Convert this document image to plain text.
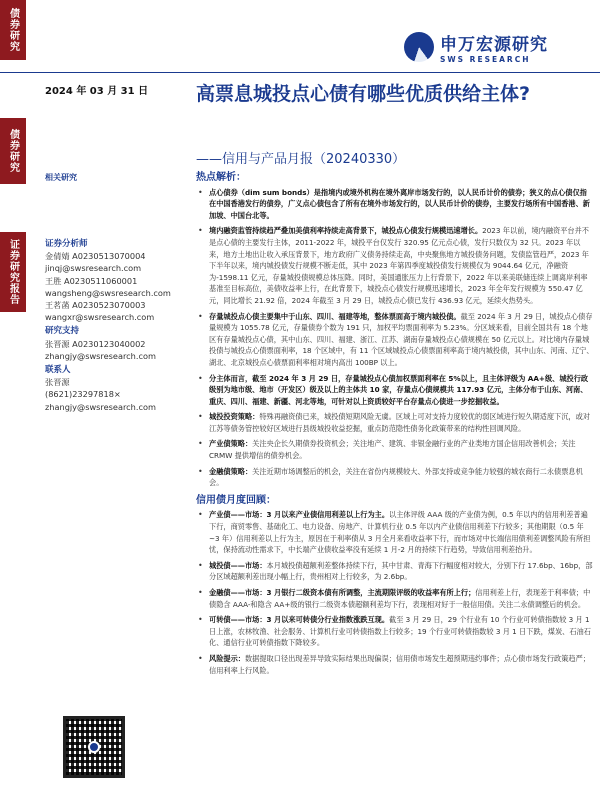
债券研究
债券研究
证券研究报告
申万宏源研究
SWS RESEARCH
2024 年 03 月 31 日	高票息城投点心债有哪些优质供给主体?
——信用与产品月报（20240330）
相关研究
证券分析师
金倩婧 A0230513070004
jinqj@swsresearch.com
王胜 A0230511060001
wangsheng@swsresearch.com
王茗菡 A0230523070003
wangxr@swsresearch.com
研究支持
张晋源 A0230123040002
zhangjy@swsresearch.com
联系人
张晋源
(8621)23297818×
zhangjy@swsresearch.com
热点解析：
• 点心债券（dim sum bonds）是指境内或境外机构在境外离岸市场发行的，以人民币计价的债券；狭义的点心债仅指在中国香港发行的债券，广义点心债包含了所有在境外市场发行的，以人民币计价的债券，主要发行场所有中国香港、新加坡、中国台北等。
• 境内融资监管持续趋严叠加美债利率持续走高背景下，城投点心债发行规模迅速增长。2023 年以前，境内融资平台并不是点心债的主要发行主体，2011-2022 年，城投平台仅发行 320.95 亿元点心债，发行只数仅为 32 只。2023 年以来，地方土地出让收入承压背景下，地方政府广义债务持续走高，中央聚焦地方城投债务问题，发债监管趋严，2023 年下半年以来，境内城投债发行规模不断走低，其中 2023 年第四季度城投债发行规模仅为 9044.64 亿元，净融资为-1598.11 亿元，存量城投债规模总体压降。同时，美国通胀压力上行背景下，2022 年以来美联储连续上调离岸利率基准至目标高位，美债收益率上行，在此背景下，城投点心债发行规模迅速增长，2023 年全年发行规模为 550.47 亿元，同比增长 21.92 倍，2024 年截至 3 月 29 日，城投点心债已发行 436.93 亿元，延续火热势头。
• 存量城投点心债主要集中于山东、四川、福建等地，整体票面高于境内城投债。截至 2024 年 3 月 29 日，城投点心债存量规模为 1055.78 亿元，存量债券个数为 191 只，加权平均票面利率为 5.23%。分区域来看，目前全国共有 18 个地区有存量城投点心债，其中山东、四川、福建、浙江、江苏、湖南存量城投点心债规模在 50 亿元以上。对比境内存量城投债与城投点心债票面利率，18 个区域中，有 11 个区域城投点心债票面利率高于境内城投债，其中山东、河南、辽宁、湖北、北京城投点心债票面利率相对境内高出 100BP 以上。
• 分主体而言，截至 2024 年 3 月 29 日，存量城投点心债加权票面利率在 5%以上，且主体评级为 AA+级、城投行政级别为地市级、地市（开发区）级及以上的主体共 10 家，存量点心债规模共 117.93 亿元，主体分布于山东、河南、重庆、四川、福建、新疆、河北等地，可针对以上资质较好平台存量点心债进一步挖掘收益。
• 城投投资策略：特殊再融资债已来，城投债短期风险无虞。区域上可对支持力度较优的弱区域进行短久期适度下沉，或对江苏等债务管控较好区域进行县级城投收益挖掘，重点防范隐性债务化政策带来的结构性回调风险。
• 产业债策略：关注央企长久期债券投资机会；关注地产、建筑、非银金融行业的产业类地方国企信用改善机会；关注 CRMW 提供增信的债券机会。
• 金融债策略：关注近期市场调整后的机会，关注在省份内规模较大、外部支持或竞争能力较强的城农商行二永债票息机会。
信用债月度回顾：
• 产业债——市场：3 月以来产业债信用利差以上行为主。以主体评级 AAA 级的产业债为例，0.5 年以内的信用利差普遍下行，商贸零售、基础化工、电力设备、房地产、计算机行业 0.5 年以内产业债信用利差下行较多；其他期限（0.5 年~3 年）信用利差以上行为主，原因在于利率债从 3 月全月来看收益率下行，而市场对中长端信用债利差调整风险有所担忧，保持流动性需求下，中长端产业债收益率没有延续 1 月-2 月的持续下行趋势，导致信用利差抬升。
• 城投债——市场：本月城投债超额利差整体持续下行，其中甘肃、青海下行幅度相对较大，分别下行 17.6bp、16bp，部分区域超额利差出现小幅上行，贵州相对上行较多，为 2.6bp。
• 金融债——市场：3 月银行二级资本债有所调整，主流期限评级的收益率有所上行；信用利差上行，表现差于利率债；中债隐含 AAA-和隐含 AA+级的银行二级资本债超额利差均下行，表现相对好于一般信用债。关注二永债调整后的机会。
• 可转债——市场：3 月以来可转债分行业指数涨跌互现。截至 3 月 29 日，29 个行业有 10 个行业可转债指数较 3 月 1 日上涨，农林牧渔、社会服务、计算机行业可转债指数上行较多；19 个行业可转债指数较 3 月 1 日下跌，煤炭、石油石化、通信行业可转债指数下降较多。
• 风险提示：数据提取口径出现差异导致实际结果出现偏误；信用债市场发生超预期违约事件；点心债市场发行政策趋严；信用利率上行风险。
